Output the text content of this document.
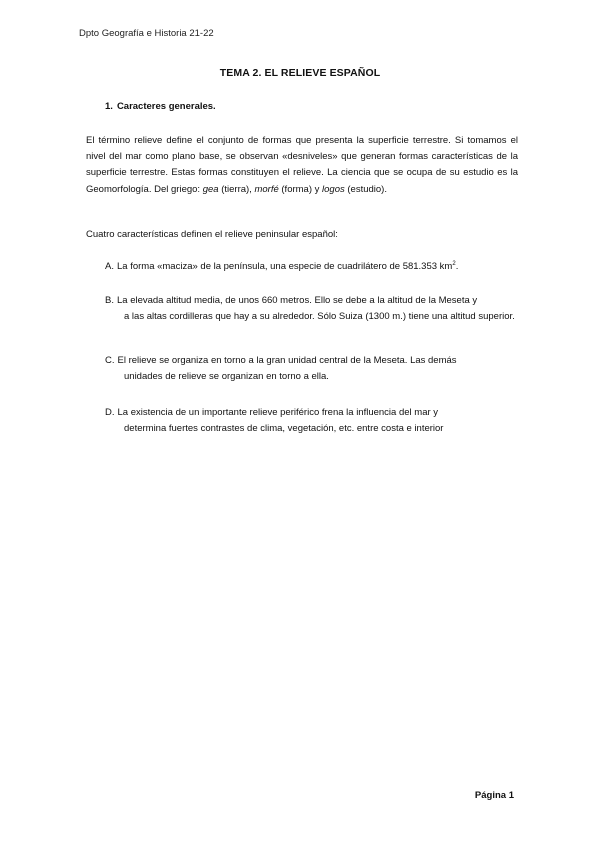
Dpto Geografía e Historia 21-22
TEMA 2. EL RELIEVE ESPAÑOL
1. Caracteres generales.
El término relieve define el conjunto de formas que presenta la superficie terrestre. Si tomamos el nivel del mar como plano base, se observan «desniveles» que generan formas características de la superficie terrestre. Estas formas constituyen el relieve. La ciencia que se ocupa de su estudio es la Geomorfología. Del griego: gea (tierra), morfé (forma) y logos (estudio).
Cuatro características definen el relieve peninsular español:
A. La forma «maciza» de la península, una especie de cuadrilátero de 581.353 $km^2$.
B. La elevada altitud media, de unos 660 metros. Ello se debe a la altitud de la Meseta y
a las altas cordilleras que hay a su alrededor. Sólo Suiza (1300 m.) tiene una altitud superior.
C. El relieve se organiza en torno a la gran unidad central de la Meseta. Las demás
unidades de relieve se organizan en torno a ella.
D. La existencia de un importante relieve periférico frena la influencia del mar y
determina fuertes contrastes de clima, vegetación, etc. entre costa e interior
Página 1
